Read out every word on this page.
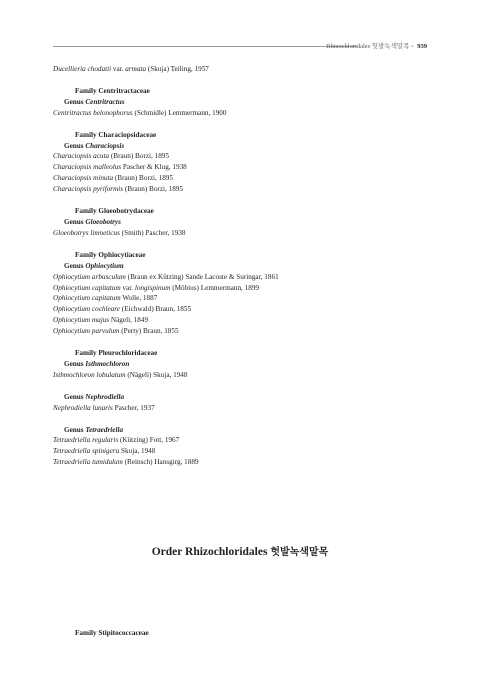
Rhizochloridales 헛발녹색말목 • 939
Ducellieria chodatii var. armata (Skuja) Teiling, 1957
Family Centritractaceae
Genus Centritractus
Centritractus belonophorus (Schmidle) Lemmermann, 1900
Family Characiopsidaceae
Genus Characiopsis
Characiopsis acuta (Braun) Borzi, 1895
Characiopsis malleolus Pascher & Klug, 1938
Characiopsis minuta (Braun) Borzi, 1895
Characiopsis pyriformis (Braun) Borzi, 1895
Family Gloeobotrydaceae
Genus Gloeobotrys
Gloeobotrys limneticus (Smith) Pascher, 1938
Family Ophiocytiaceae
Genus Ophiocytium
Ophiocytium arbusculum (Braun ex Kützing) Sande Lacoste & Suringar, 1861
Ophiocytium capitatum var. longispinum (Möbius) Lemmermann, 1899
Ophiocytium capitatum Wolle, 1887
Ophiocytium cochleare (Eichwald) Braun, 1855
Ophiocytium majus Nägeli, 1849
Ophiocytium parvulum (Perty) Braun, 1855
Family Pleurochloridaceae
Genus Isthmochloron
Isthmochloron lobulatum (Nägeli) Skuja, 1948
Genus Nephrodiella
Nephrodiella lunaris Pascher, 1937
Genus Tetraedriella
Tetraedriella regularis (Kützing) Fott, 1967
Tetraedriella spinigera Skuja, 1948
Tetraedriella tumidulum (Reinsch) Hansgirg, 1889
Order Rhizochloridales 헛발녹색말목
Family Stipitococcaceae
